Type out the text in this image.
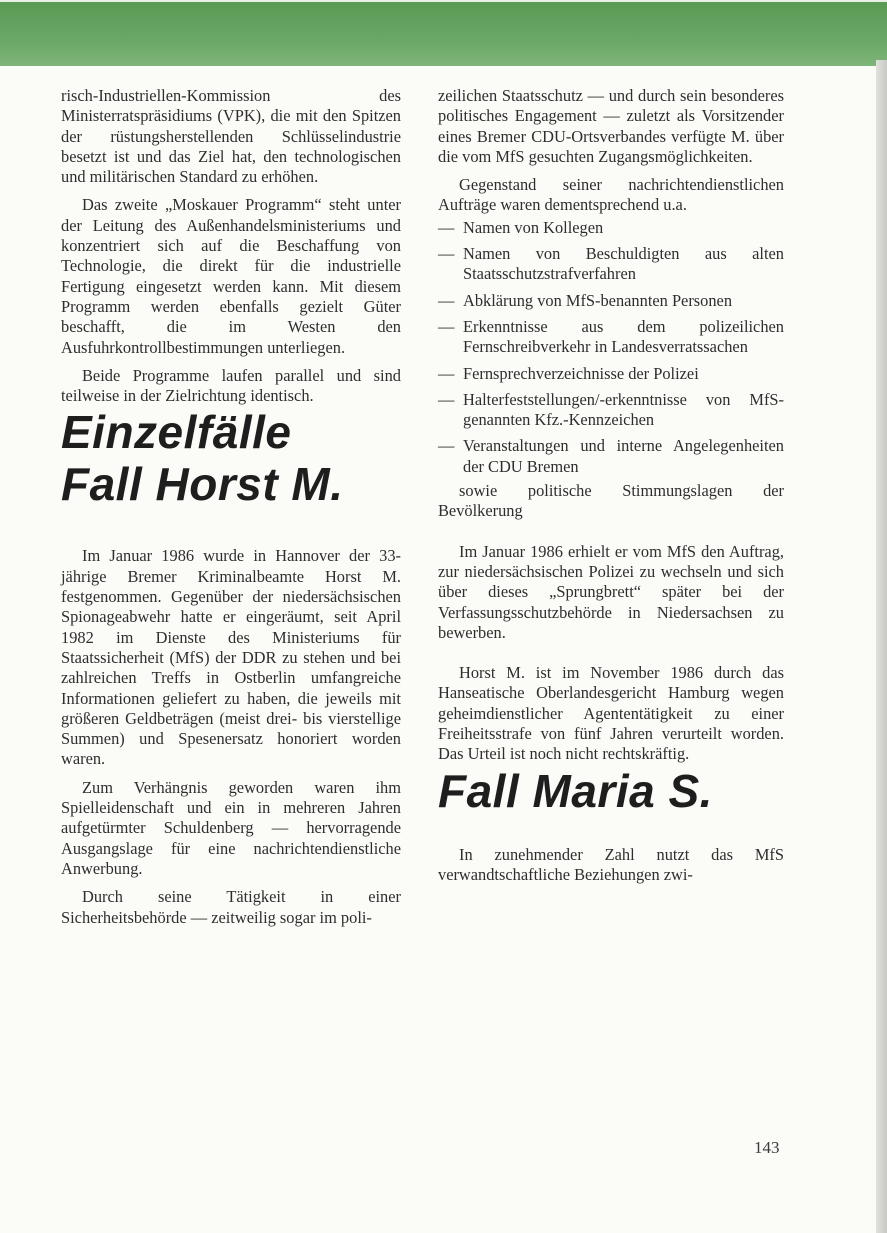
risch-Industriellen-Kommission des Ministerratspräsidiums (VPK), die mit den Spitzen der rüstungsherstellenden Schlüsselindustrie besetzt ist und das Ziel hat, den technologischen und militärischen Standard zu erhöhen.

Das zweite „Moskauer Programm“ steht unter der Leitung des Außenhandelsministeriums und konzentriert sich auf die Beschaffung von Technologie, die direkt für die industrielle Fertigung eingesetzt werden kann. Mit diesem Programm werden ebenfalls gezielt Güter beschafft, die im Westen den Ausfuhrkontrollbestimmungen unterliegen.

Beide Programme laufen parallel und sind teilweise in der Zielrichtung identisch.

Einzelfälle
Fall Horst M.

Im Januar 1986 wurde in Hannover der 33-jährige Bremer Kriminalbeamte Horst M. festgenommen. Gegenüber der niedersächsischen Spionageabwehr hatte er eingeräumt, seit April 1982 im Dienste des Ministeriums für Staatssicherheit (MfS) der DDR zu stehen und bei zahlreichen Treffs in Ostberlin umfangreiche Informationen geliefert zu haben, die jeweils mit größeren Geldbeträgen (meist drei- bis vierstellige Summen) und Spesenersatz honoriert worden waren.

Zum Verhängnis geworden waren ihm Spielleidenschaft und ein in mehreren Jahren aufgetürmter Schuldenberg — hervorragende Ausgangslage für eine nachrichtendienstliche Anwerbung.

Durch seine Tätigkeit in einer Sicherheitsbehörde — zeitweilig sogar im poli-

zeilichen Staatsschutz — und durch sein besonderes politisches Engagement — zuletzt als Vorsitzender eines Bremer CDU-Ortsverbandes verfügte M. über die vom MfS gesuchten Zugangsmöglichkeiten.

Gegenstand seiner nachrichtendienstlichen Aufträge waren dementsprechend u.a.

— Namen von Kollegen
— Namen von Beschuldigten aus alten Staatsschutzstrafverfahren
— Abklärung von MfS-benannten Personen
— Erkenntnisse aus dem polizeilichen Fernschreibverkehr in Landesverratssachen
— Fernsprechverzeichnisse der Polizei
— Halterfeststellungen/-erkenntnisse von MfS-genannten Kfz.-Kennzeichen
— Veranstaltungen und interne Angelegenheiten der CDU Bremen

sowie politische Stimmungslagen der Bevölkerung

Im Januar 1986 erhielt er vom MfS den Auftrag, zur niedersächsischen Polizei zu wechseln und sich über dieses „Sprungbrett“ später bei der Verfassungsschutzbehörde in Niedersachsen zu bewerben.

Horst M. ist im November 1986 durch das Hanseatische Oberlandesgericht Hamburg wegen geheimdienstlicher Agententätigkeit zu einer Freiheitsstrafe von fünf Jahren verurteilt worden. Das Urteil ist noch nicht rechtskräftig.

Fall Maria S.

In zunehmender Zahl nutzt das MfS verwandtschaftliche Beziehungen zwi-

143
